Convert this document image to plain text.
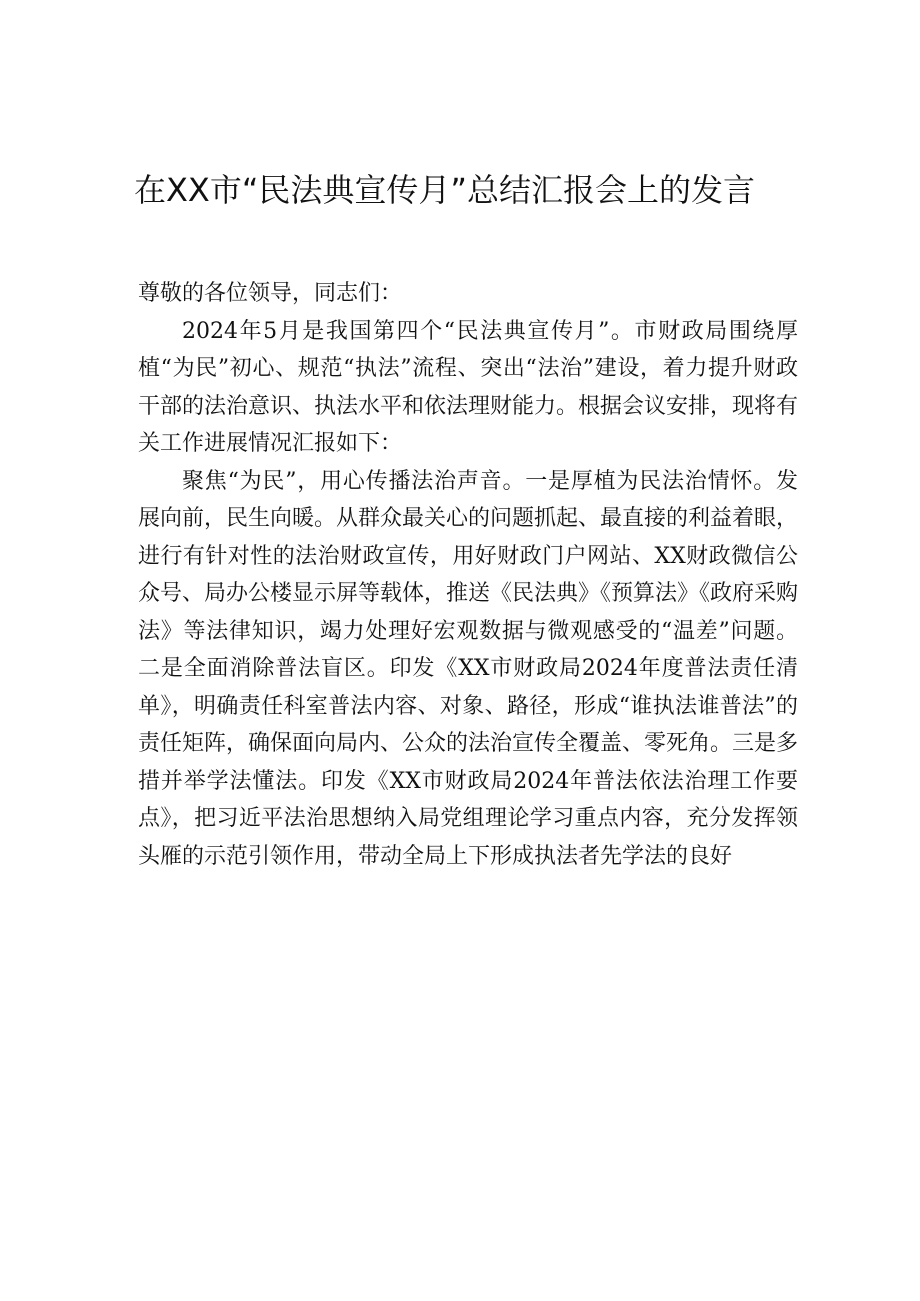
在XX市“民法典宣传月”总结汇报会上的发言

尊敬的各位领导，同志们：

2024年5月是我国第四个“民法典宣传月”。市财政局围绕厚植“为民”初心、规范“执法”流程、突出“法治”建设，着力提升财政干部的法治意识、执法水平和依法理财能力。根据会议安排，现将有关工作进展情况汇报如下：

聚焦“为民”，用心传播法治声音。一是厚植为民法治情怀。发展向前，民生向暖。从群众最关心的问题抓起、最直接的利益着眼，进行有针对性的法治财政宣传，用好财政门户网站、XX财政微信公众号、局办公楼显示屏等载体，推送《民法典》《预算法》《政府采购法》等法律知识，竭力处理好宏观数据与微观感受的“温差”问题。二是全面消除普法盲区。印发《XX市财政局2024年度普法责任清单》，明确责任科室普法内容、对象、路径，形成“谁执法谁普法”的责任矩阵，确保面向局内、公众的法治宣传全覆盖、零死角。三是多措并举学法懂法。印发《XX市财政局2024年普法依法治理工作要点》，把习近平法治思想纳入局党组理论学习重点内容，充分发挥领头雁的示范引领作用，带动全局上下形成执法者先学法的良好
